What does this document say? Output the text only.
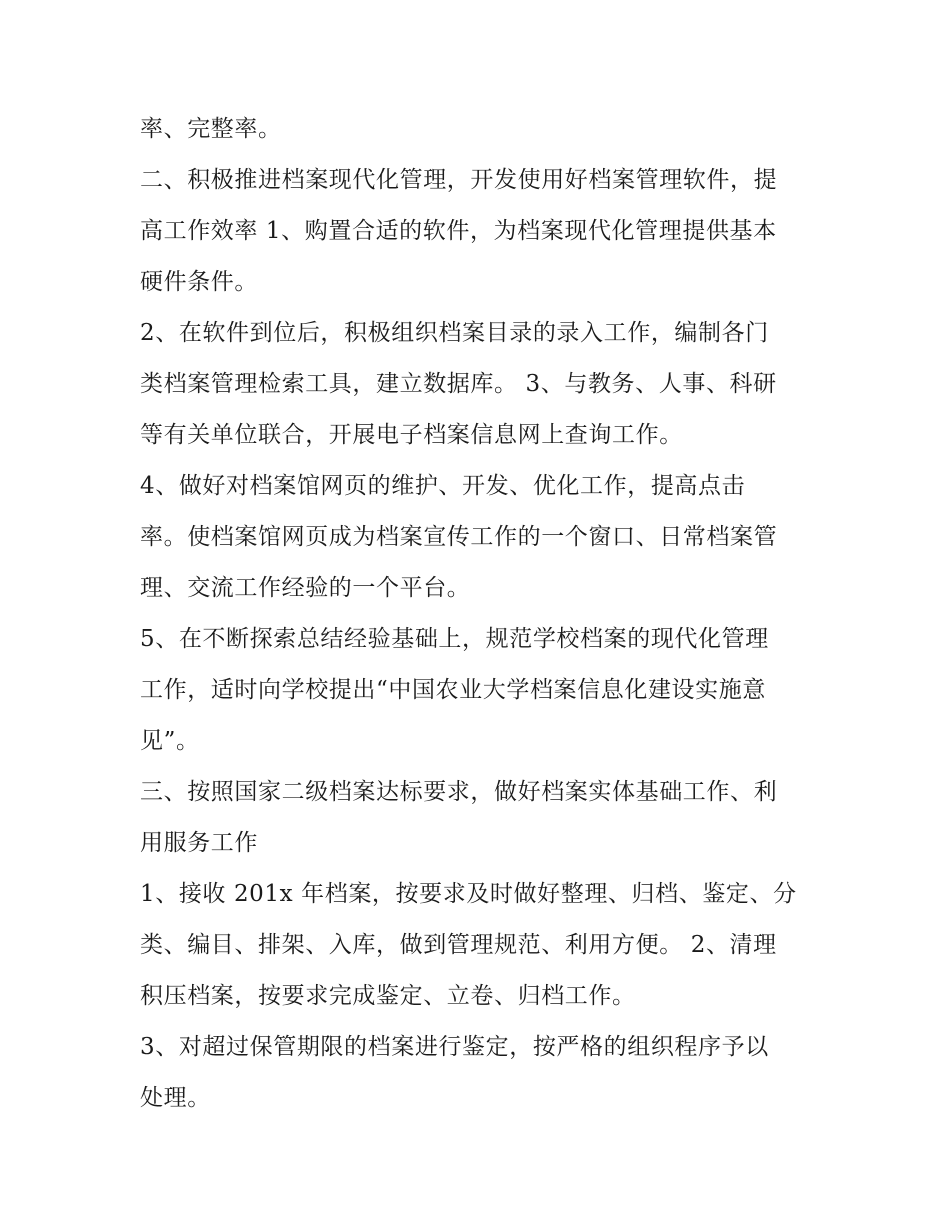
率、完整率。
二、积极推进档案现代化管理，开发使用好档案管理软件，提
高工作效率 1、购置合适的软件，为档案现代化管理提供基本
硬件条件。
2、在软件到位后，积极组织档案目录的录入工作，编制各门
类档案管理检索工具，建立数据库。 3、与教务、人事、科研
等有关单位联合，开展电子档案信息网上查询工作。
4、做好对档案馆网页的维护、开发、优化工作，提高点击
率。使档案馆网页成为档案宣传工作的一个窗口、日常档案管
理、交流工作经验的一个平台。
5、在不断探索总结经验基础上，规范学校档案的现代化管理
工作，适时向学校提出“中国农业大学档案信息化建设实施意
见”。
三、按照国家二级档案达标要求，做好档案实体基础工作、利
用服务工作
1、接收 201x 年档案，按要求及时做好整理、归档、鉴定、分
类、编目、排架、入库，做到管理规范、利用方便。 2、清理
积压档案，按要求完成鉴定、立卷、归档工作。
3、对超过保管期限的档案进行鉴定，按严格的组织程序予以
处理。
